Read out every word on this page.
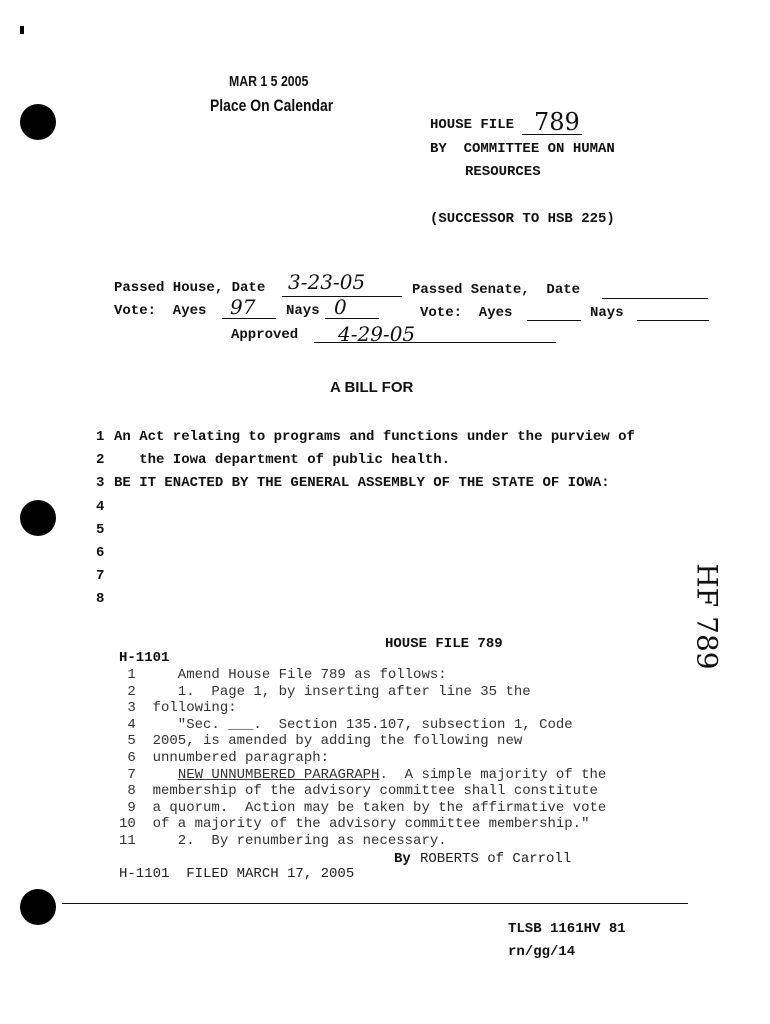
MAR 1 5 2005
Place On Calendar
HOUSE FILE 789
BY  COMMITTEE ON HUMAN
RESOURCES
(SUCCESSOR TO HSB 225)
Passed House, Date 3-23-05	Passed Senate,  Date
Vote:  Ayes 97 Nays 0	Vote:  Ayes	Nays
Approved 4-29-05
A BILL FOR
1 An Act relating to programs and functions under the purview of
2   the Iowa department of public health.
3 BE IT ENACTED BY THE GENERAL ASSEMBLY OF THE STATE OF IOWA:
4
5
6
7
8
HOUSE FILE 789
H-1101
1     Amend House File 789 as follows:
2     1.  Page 1, by inserting after line 35 the
3  following:
4     "Sec. ___.  Section 135.107, subsection 1, Code
5  2005, is amended by adding the following new
6  unnumbered paragraph:
7     NEW UNNUMBERED PARAGRAPH.  A simple majority of the
8  membership of the advisory committee shall constitute
9  a quorum.  Action may be taken by the affirmative vote
10  of a majority of the advisory committee membership."
11     2.  By renumbering as necessary.
By ROBERTS of Carroll
H-1101  FILED MARCH 17, 2005
TLSB 1161HV 81
rn/gg/14
HF 789
